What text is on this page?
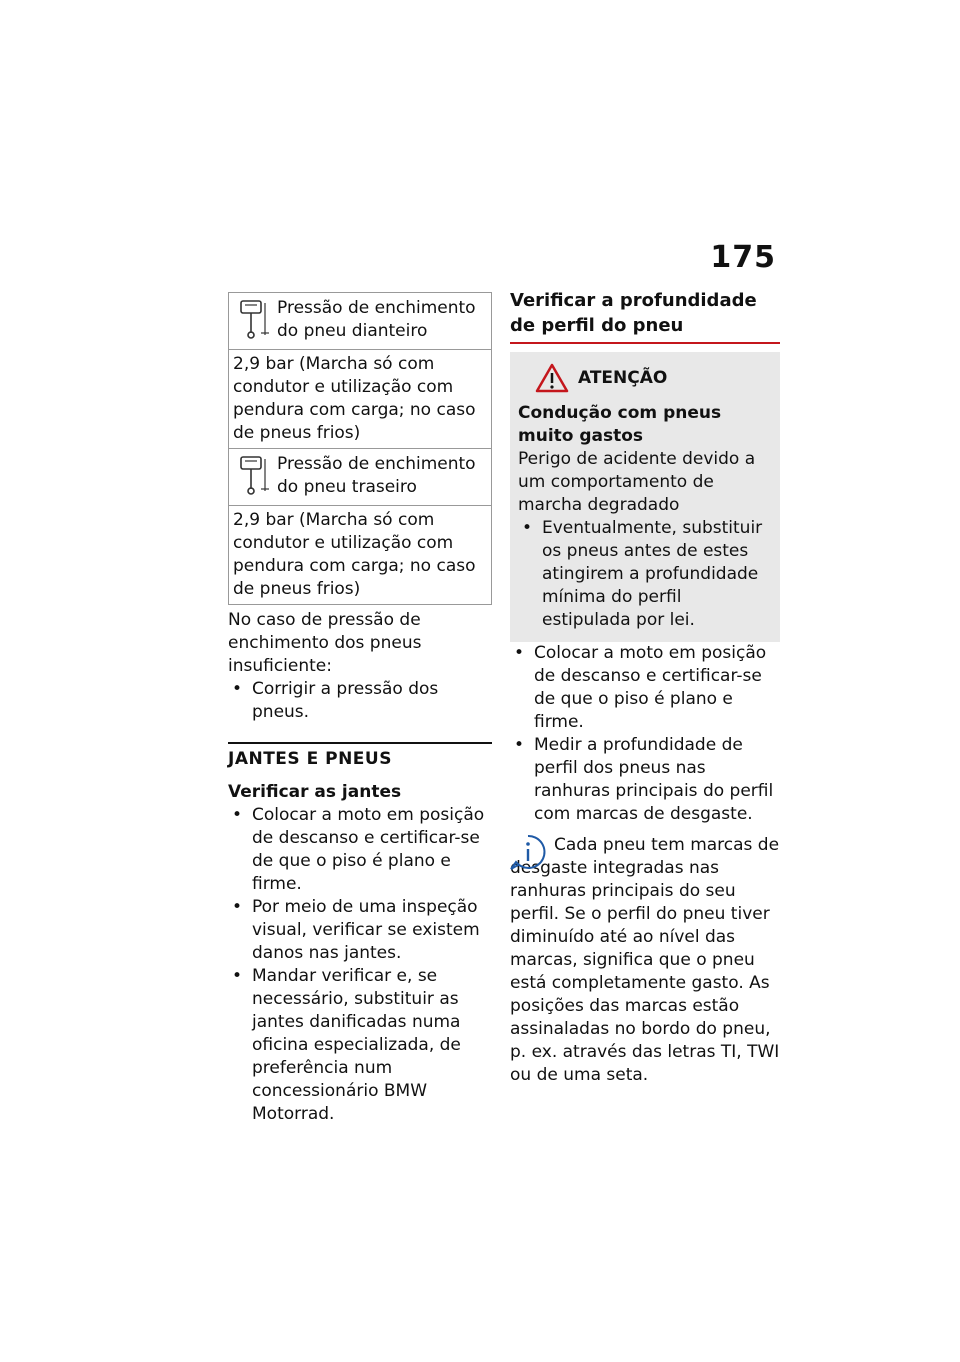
175
Pressão de enchimento do pneu dianteiro
2,9 bar (Marcha só com condutor e utilização com pendura com carga; no caso de pneus frios)
Pressão de enchimento do pneu traseiro
2,9 bar (Marcha só com condutor e utilização com pendura com carga; no caso de pneus frios)

No caso de pressão de enchimento dos pneus insuficiente:

• Corrigir a pressão dos pneus.
JANTES E PNEUS
Verificar as jantes
• Colocar a moto em posição de descanso e certificar-se de que o piso é plano e firme.
• Por meio de uma inspeção visual, verificar se existem danos nas jantes.
• Mandar verificar e, se necessário, substituir as jantes danificadas numa oficina especializada, de preferência num concessionário BMW Motorrad.
Verificar a profundidade de perfil do pneu
ATENÇÃO
Condução com pneus muito gastos

Perigo de acidente devido a um comportamento de marcha degradado

• Eventualmente, substituir os pneus antes de estes atingirem a profundidade mínima do perfil estipulada por lei.
• Colocar a moto em posição de descanso e certificar-se de que o piso é plano e firme.
• Medir a profundidade de perfil dos pneus nas ranhuras principais do perfil com marcas de desgaste.

Cada pneu tem marcas de desgaste integradas nas ranhuras principais do seu perfil. Se o perfil do pneu tiver diminuído até ao nível das marcas, significa que o pneu está completamente gasto. As posições das marcas estão assinaladas no bordo do pneu, p. ex. através das letras TI, TWI ou de uma seta.
